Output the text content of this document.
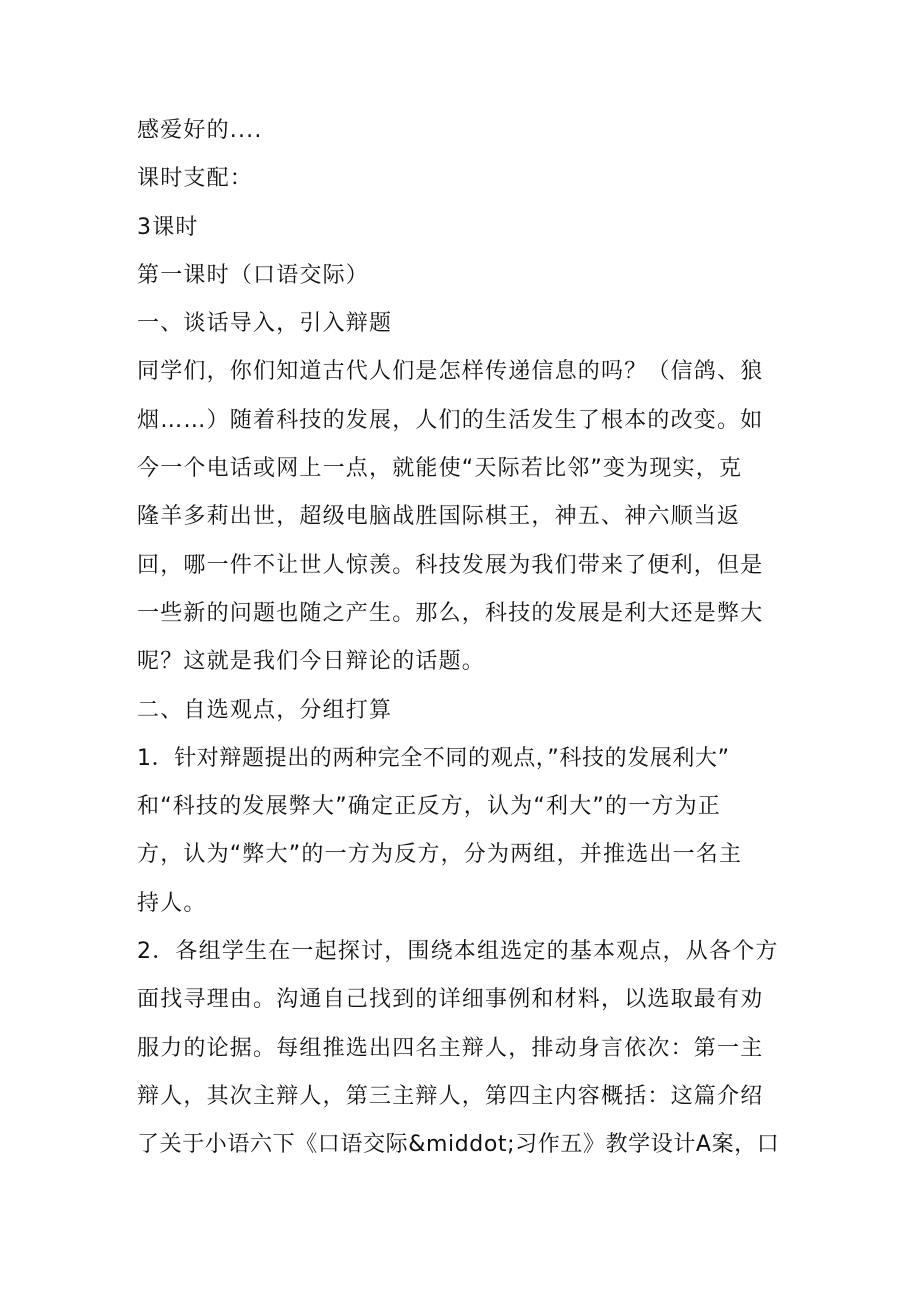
感爱好的....
课时支配：
3课时
第一课时（口语交际）
一、谈话导入，引入辩题
同学们，你们知道古代人们是怎样传递信息的吗？（信鸽、狼
烟……）随着科技的发展，人们的生活发生了根本的改变。如
今一个电话或网上一点，就能使“天际若比邻”变为现实，克
隆羊多莉出世，超级电脑战胜国际棋王，神五、神六顺当返
回，哪一件不让世人惊羡。科技发展为我们带来了便利，但是
一些新的问题也随之产生。那么，科技的发展是利大还是弊大
呢？这就是我们今日辩论的话题。
二、自选观点，分组打算
1．针对辩题提出的两种完全不同的观点，”科技的发展利大”
和“科技的发展弊大”确定正反方，认为“利大”的一方为正
方，认为“弊大”的一方为反方，分为两组，并推选出一名主
持人。
2．各组学生在一起探讨，围绕本组选定的基本观点，从各个方
面找寻理由。沟通自己找到的详细事例和材料，以选取最有劝
服力的论据。每组推选出四名主辩人，排动身言依次：第一主
辩人，其次主辩人，第三主辩人，第四主内容概括：这篇介绍
了关于小语六下《口语交际&middot;习作五》教学设计A案，口
